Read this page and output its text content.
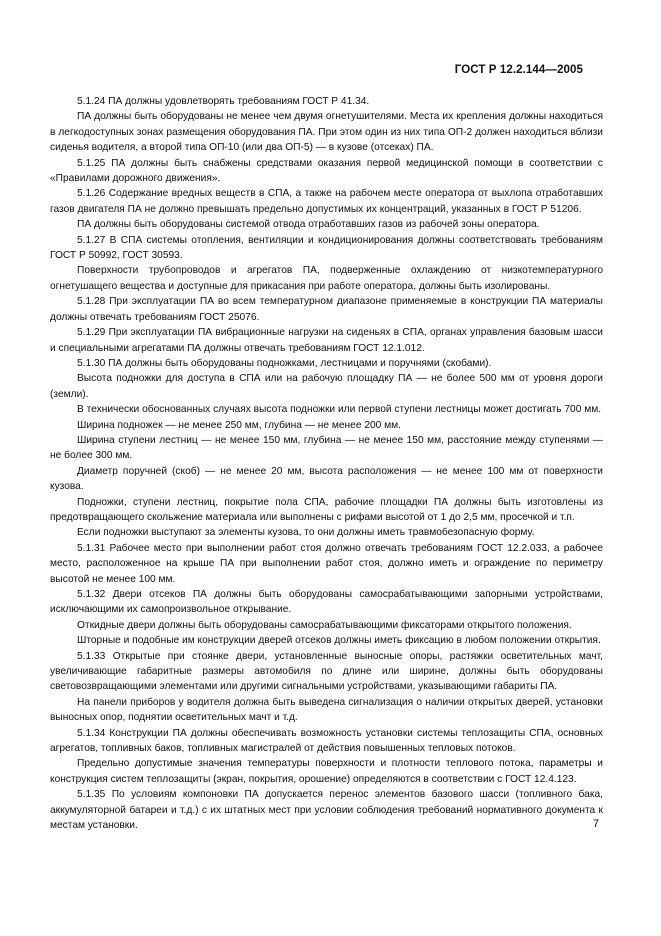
ГОСТ Р 12.2.144—2005

5.1.24 ПА должны удовлетворять требованиям ГОСТ Р 41.34.

ПА должны быть оборудованы не менее чем двумя огнетушителями. Места их крепления должны находиться в легкодоступных зонах размещения оборудования ПА. При этом один из них типа ОП-2 должен находиться вблизи сиденья водителя, а второй типа ОП-10 (или два ОП-5) — в кузове (отсеках) ПА.

5.1.25 ПА должны быть снабжены средствами оказания первой медицинской помощи в соответствии с «Правилами дорожного движения».

5.1.26 Содержание вредных веществ в СПА, а также на рабочем месте оператора от выхлопа отработавших газов двигателя ПА не должно превышать предельно допустимых их концентраций, указанных в ГОСТ Р 51206.

ПА должны быть оборудованы системой отвода отработавших газов из рабочей зоны оператора.

5.1.27 В СПА системы отопления, вентиляции и кондиционирования должны соответствовать требованиям ГОСТ Р 50992, ГОСТ 30593.

Поверхности трубопроводов и агрегатов ПА, подверженные охлаждению от низкотемпературного огнетушащего вещества и доступные для прикасания при работе оператора, должны быть изолированы.

5.1.28 При эксплуатации ПА во всем температурном диапазоне применяемые в конструкции ПА материалы должны отвечать требованиям ГОСТ 25076.

5.1.29 При эксплуатации ПА вибрационные нагрузки на сиденьях в СПА, органах управления базовым шасси и специальными агрегатами ПА должны отвечать требованиям ГОСТ 12.1.012.

5.1.30 ПА должны быть оборудованы подножками, лестницами и поручнями (скобами).

Высота подножки для доступа в СПА или на рабочую площадку ПА — не более 500 мм от уровня дороги (земли).

В технически обоснованных случаях высота подножки или первой ступени лестницы может достигать 700 мм.

Ширина подножек — не менее 250 мм, глубина — не менее 200 мм.

Ширина ступени лестниц — не менее 150 мм, глубина — не менее 150 мм, расстояние между ступенями — не более 300 мм.

Диаметр поручней (скоб) — не менее 20 мм, высота расположения — не менее 100 мм от поверхности кузова.

Подножки, ступени лестниц, покрытие пола СПА, рабочие площадки ПА должны быть изготовлены из предотвращающего скольжение материала или выполнены с рифами высотой от 1 до 2,5 мм, просечкой и т.п.

Если подножки выступают за элементы кузова, то они должны иметь травмобезопасную форму.

5.1.31 Рабочее место при выполнении работ стоя должно отвечать требованиям ГОСТ 12.2.033, а рабочее место, расположенное на крыше ПА при выполнении работ стоя, должно иметь и ограждение по периметру высотой не менее 100 мм.

5.1.32 Двери отсеков ПА должны быть оборудованы самосрабатывающими запорными устройствами, исключающими их самопроизвольное открывание.

Откидные двери должны быть оборудованы самосрабатывающими фиксаторами открытого положения.

Шторные и подобные им конструкции дверей отсеков должны иметь фиксацию в любом положении открытия.

5.1.33 Открытые при стоянке двери, установленные выносные опоры, растяжки осветительных мачт, увеличивающие габаритные размеры автомобиля по длине или ширине, должны быть оборудованы световозвращающими элементами или другими сигнальными устройствами, указывающими габариты ПА.

На панели приборов у водителя должна быть выведена сигнализация о наличии открытых дверей, установки выносных опор, поднятии осветительных мачт и т.д.

5.1.34 Конструкции ПА должны обеспечивать возможность установки системы теплозащиты СПА, основных агрегатов, топливных баков, топливных магистралей от действия повышенных тепловых потоков.

Предельно допустимые значения температуры поверхности и плотности теплового потока, параметры и конструкция систем теплозащиты (экран, покрытия, орошение) определяются в соответствии с ГОСТ 12.4.123.

5.1.35 По условиям компоновки ПА допускается перенос элементов базового шасси (топливного бака, аккумуляторной батареи и т.д.) с их штатных мест при условии соблюдения требований нормативного документа к местам установки.	7
